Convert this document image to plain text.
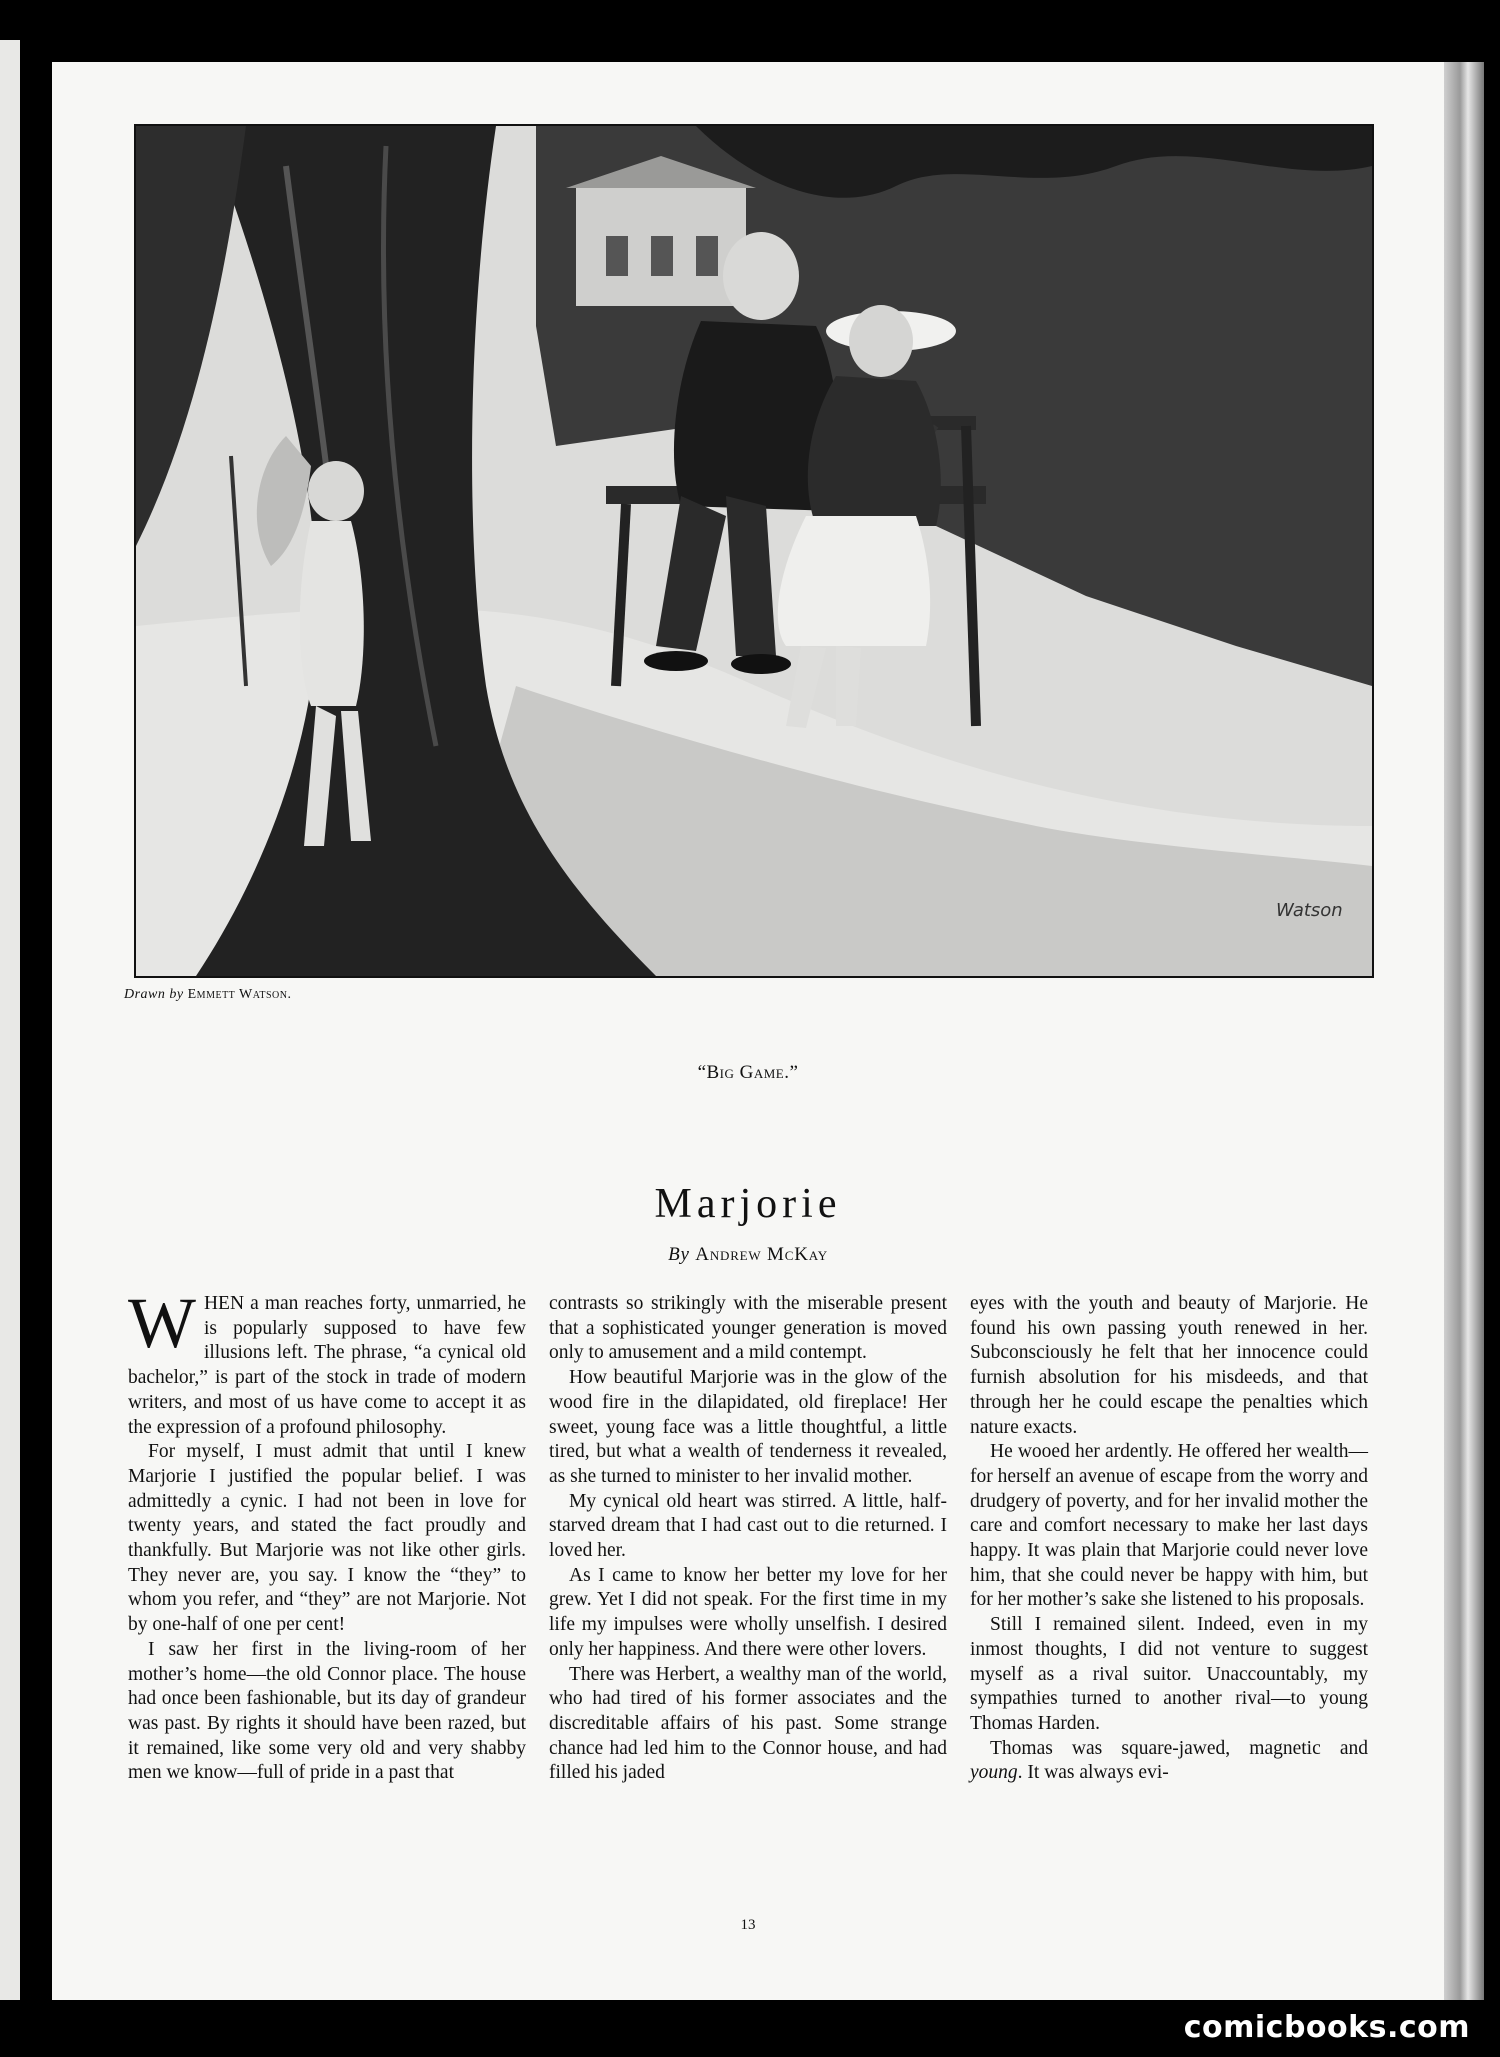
Watson
Drawn by Emmett Watson.
“Big Game.”
Marjorie
By Andrew McKay

WHEN a man reaches forty, unmarried, he is popularly supposed to have few illusions left. The phrase, “a cynical old bachelor,” is part of the stock in trade of modern writers, and most of us have come to accept it as the expression of a profound philosophy.

For myself, I must admit that until I knew Marjorie I justified the popular belief. I was admittedly a cynic. I had not been in love for twenty years, and stated the fact proudly and thankfully. But Marjorie was not like other girls. They never are, you say. I know the “they” to whom you refer, and “they” are not Marjorie. Not by one-half of one per cent!

I saw her first in the living-room of her mother’s home—the old Connor place. The house had once been fashionable, but its day of grandeur was past. By rights it should have been razed, but it remained, like some very old and very shabby men we know—full of pride in a past that

contrasts so strikingly with the miserable present that a sophisticated younger generation is moved only to amusement and a mild contempt.

How beautiful Marjorie was in the glow of the wood fire in the dilapidated, old fireplace! Her sweet, young face was a little thoughtful, a little tired, but what a wealth of tenderness it revealed, as she turned to minister to her invalid mother.

My cynical old heart was stirred. A little, half-starved dream that I had cast out to die returned. I loved her.

As I came to know her better my love for her grew. Yet I did not speak. For the first time in my life my impulses were wholly unselfish. I desired only her happiness. And there were other lovers.

There was Herbert, a wealthy man of the world, who had tired of his former associates and the discreditable affairs of his past. Some strange chance had led him to the Connor house, and had filled his jaded

eyes with the youth and beauty of Marjorie. He found his own passing youth renewed in her. Subconsciously he felt that her innocence could furnish absolution for his misdeeds, and that through her he could escape the penalties which nature exacts.

He wooed her ardently. He offered her wealth—for herself an avenue of escape from the worry and drudgery of poverty, and for her invalid mother the care and comfort necessary to make her last days happy. It was plain that Marjorie could never love him, that she could never be happy with him, but for her mother’s sake she listened to his proposals.

Still I remained silent. Indeed, even in my inmost thoughts, I did not venture to suggest myself as a rival suitor. Unaccountably, my sympathies turned to another rival—to young Thomas Harden.

Thomas was square-jawed, magnetic and young. It was always evi-

13
comicbooks.com
